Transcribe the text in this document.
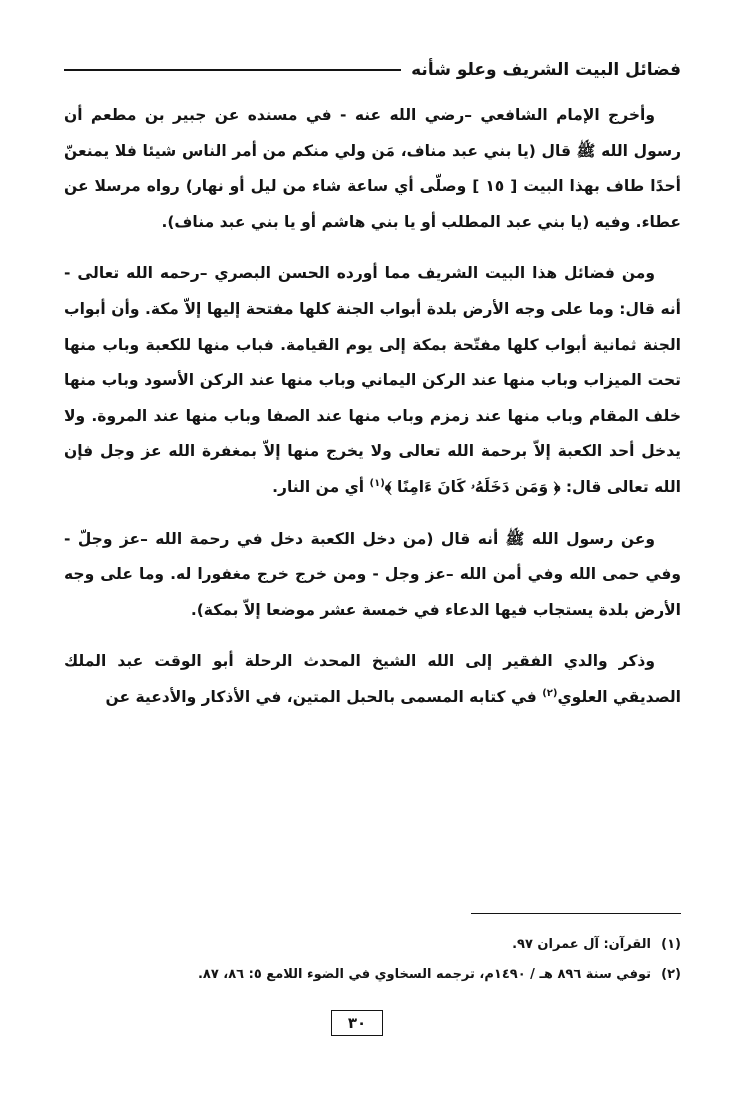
فضائل البيت الشريف وعلو شأنه

وأخرج الإمام الشافعي –رضي الله عنه - في مسنده عن جبير بن مطعم أن رسول الله ﷺ قال (يا بني عبد مناف، مَن ولي منكم من أمر الناس شيئا فلا يمنعنّ أحدًا طاف بهذا البيت [ ١٥ ] وصلّى أي ساعة شاء من ليل أو نهار) رواه مرسلا عن عطاء. وفيه (يا بني عبد المطلب أو يا بني هاشم أو يا بني عبد مناف).

ومن فضائل هذا البيت الشريف مما أورده الحسن البصري –رحمه الله تعالى - أنه قال: وما على وجه الأرض بلدة أبواب الجنة كلها مفتحة إليها إلاّ مكة. وأن أبواب الجنة ثمانية أبواب كلها مفتّحة بمكة إلى يوم القيامة. فباب منها للكعبة وباب منها تحت الميزاب وباب منها عند الركن اليماني وباب منها عند الركن الأسود وباب منها خلف المقام وباب منها عند زمزم وباب منها عند الصفا وباب منها عند المروة. ولا يدخل أحد الكعبة إلاّ برحمة الله تعالى ولا يخرج منها إلاّ بمغفرة الله عز وجل فإن الله تعالى قال: ﴿ وَمَن دَخَلَهُۥ كَانَ ءَامِنًا ﴾$^{(١)}$ أي من النار.

وعن رسول الله ﷺ أنه قال (من دخل الكعبة دخل في رحمة الله –عز وجلّ - وفي حمى الله وفي أمن الله –عز وجل - ومن خرج خرج مغفورا له. وما على وجه الأرض بلدة يستجاب فيها الدعاء في خمسة عشر موضعا إلاّ بمكة).

وذكر والدي الفقير إلى الله الشيخ المحدث الرحلة أبو الوقت عبد الملك الصديقي العلوي$^{(٢)}$ في كتابه المسمى بالحبل المتين، في الأذكار والأدعية عن

(١)القرآن: آل عمران ٩٧.
(٢)توفي سنة ٨٩٦ هـ / ١٤٩٠م، ترجمه السخاوي في الضوء اللامع ٥: ٨٦، ٨٧.
٣٠
